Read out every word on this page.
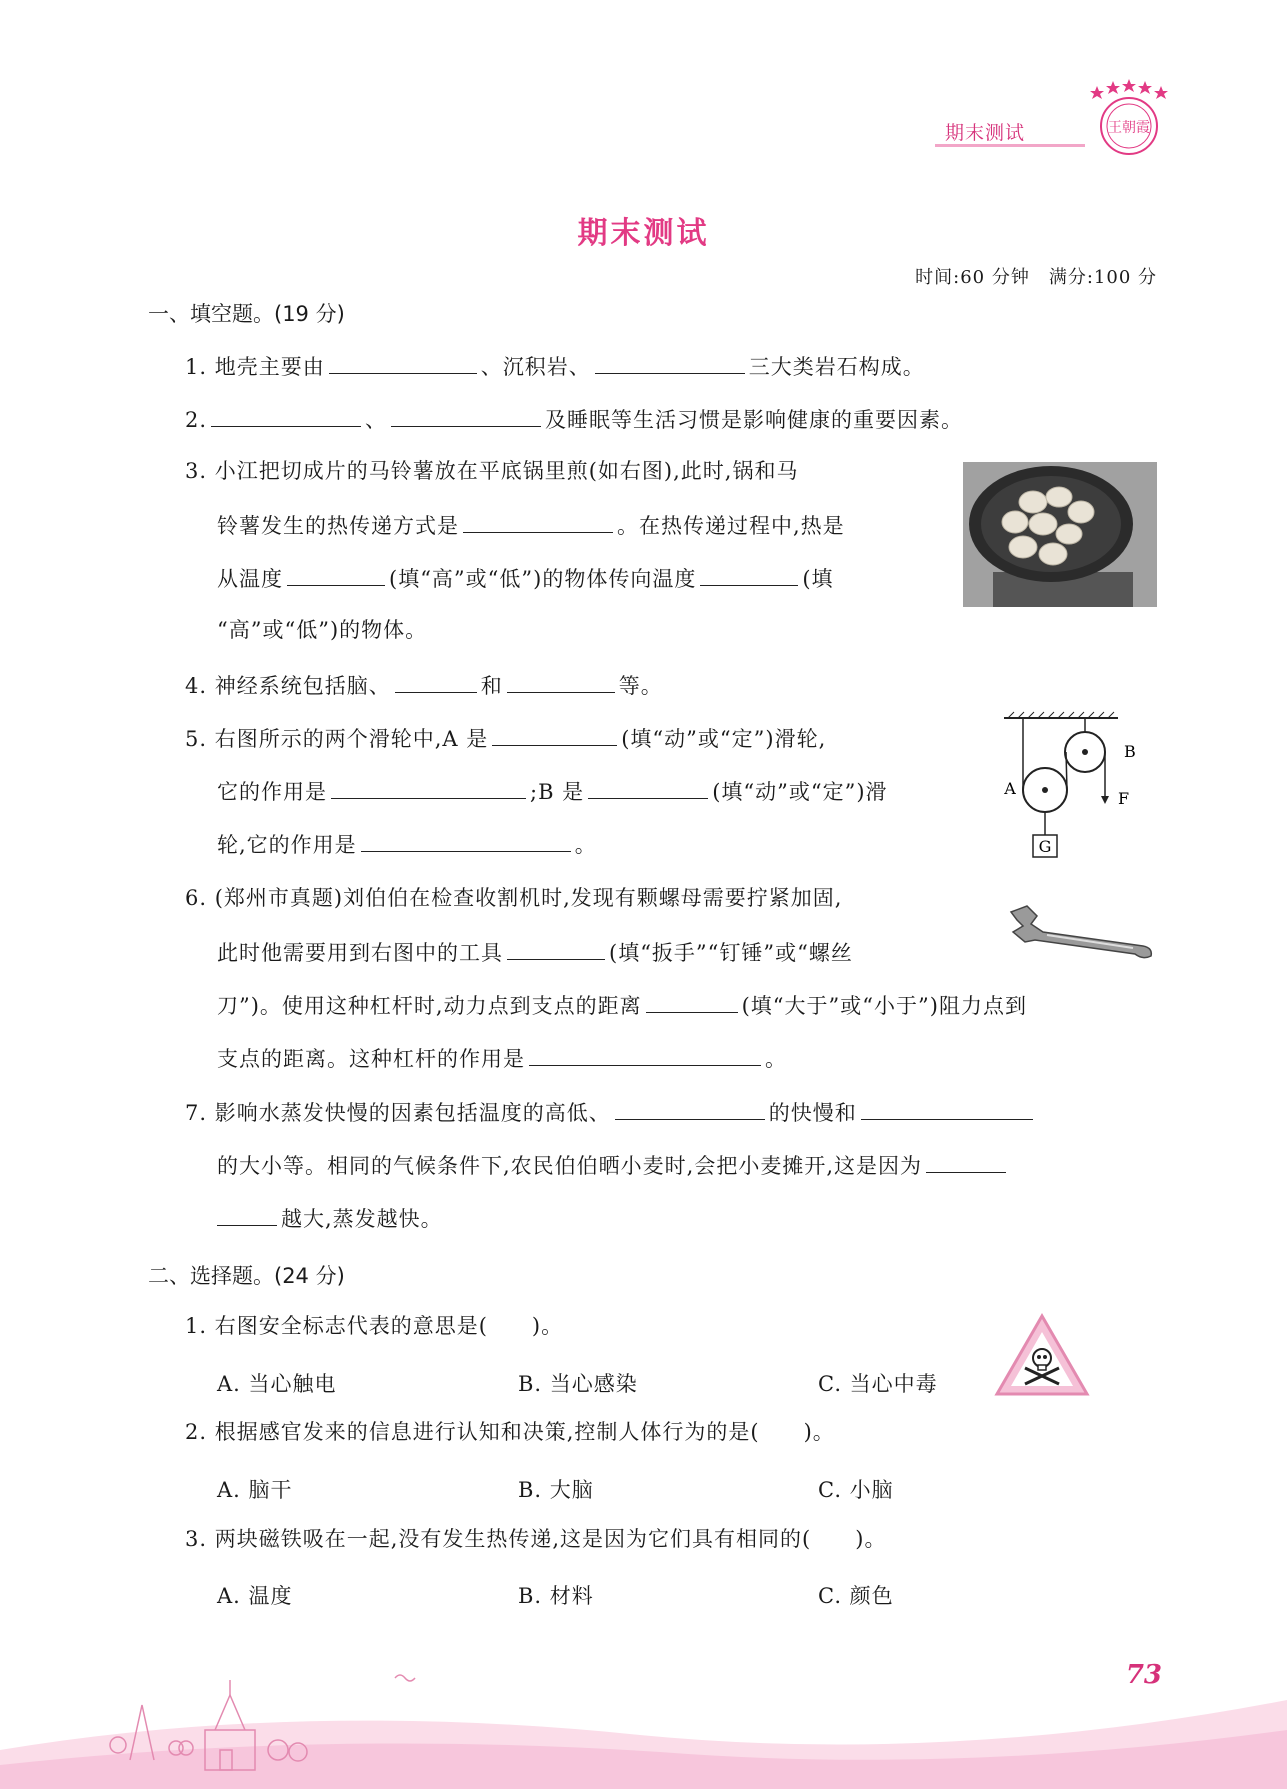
期末测试	王朝霞
期末测试
时间:60 分钟　满分:100 分
一、填空题。(19 分)
1. 地壳主要由	、沉积岩、	三大类岩石构成。
2.	、	及睡眠等生活习惯是影响健康的重要因素。
3. 小江把切成片的马铃薯放在平底锅里煎(如右图),此时,锅和马
铃薯发生的热传递方式是	。在热传递过程中,热是
从温度	(填“高”或“低”)的物体传向温度	(填
“高”或“低”)的物体。
4. 神经系统包括脑、	和	等。
5. 右图所示的两个滑轮中,A 是	(填“动”或“定”)滑轮,
它的作用是	;B 是	(填“动”或“定”)滑
轮,它的作用是	。	G
A
B
F
6. (郑州市真题)刘伯伯在检查收割机时,发现有颗螺母需要拧紧加固,
此时他需要用到右图中的工具	(填“扳手”“钉锤”或“螺丝
刀”)。使用这种杠杆时,动力点到支点的距离	(填“大于”或“小于”)阻力点到
支点的距离。这种杠杆的作用是	。
7. 影响水蒸发快慢的因素包括温度的高低、	的快慢和
的大小等。相同的气候条件下,农民伯伯晒小麦时,会把小麦摊开,这是因为
越大,蒸发越快。
二、选择题。(24 分)
1. 右图安全标志代表的意思是(　　)。
A. 当心触电	B. 当心感染	C. 当心中毒
2. 根据感官发来的信息进行认知和决策,控制人体行为的是(　　)。
A. 脑干	B. 大脑	C. 小脑
3. 两块磁铁吸在一起,没有发生热传递,这是因为它们具有相同的(　　)。
A. 温度	B. 材料	C. 颜色
73
